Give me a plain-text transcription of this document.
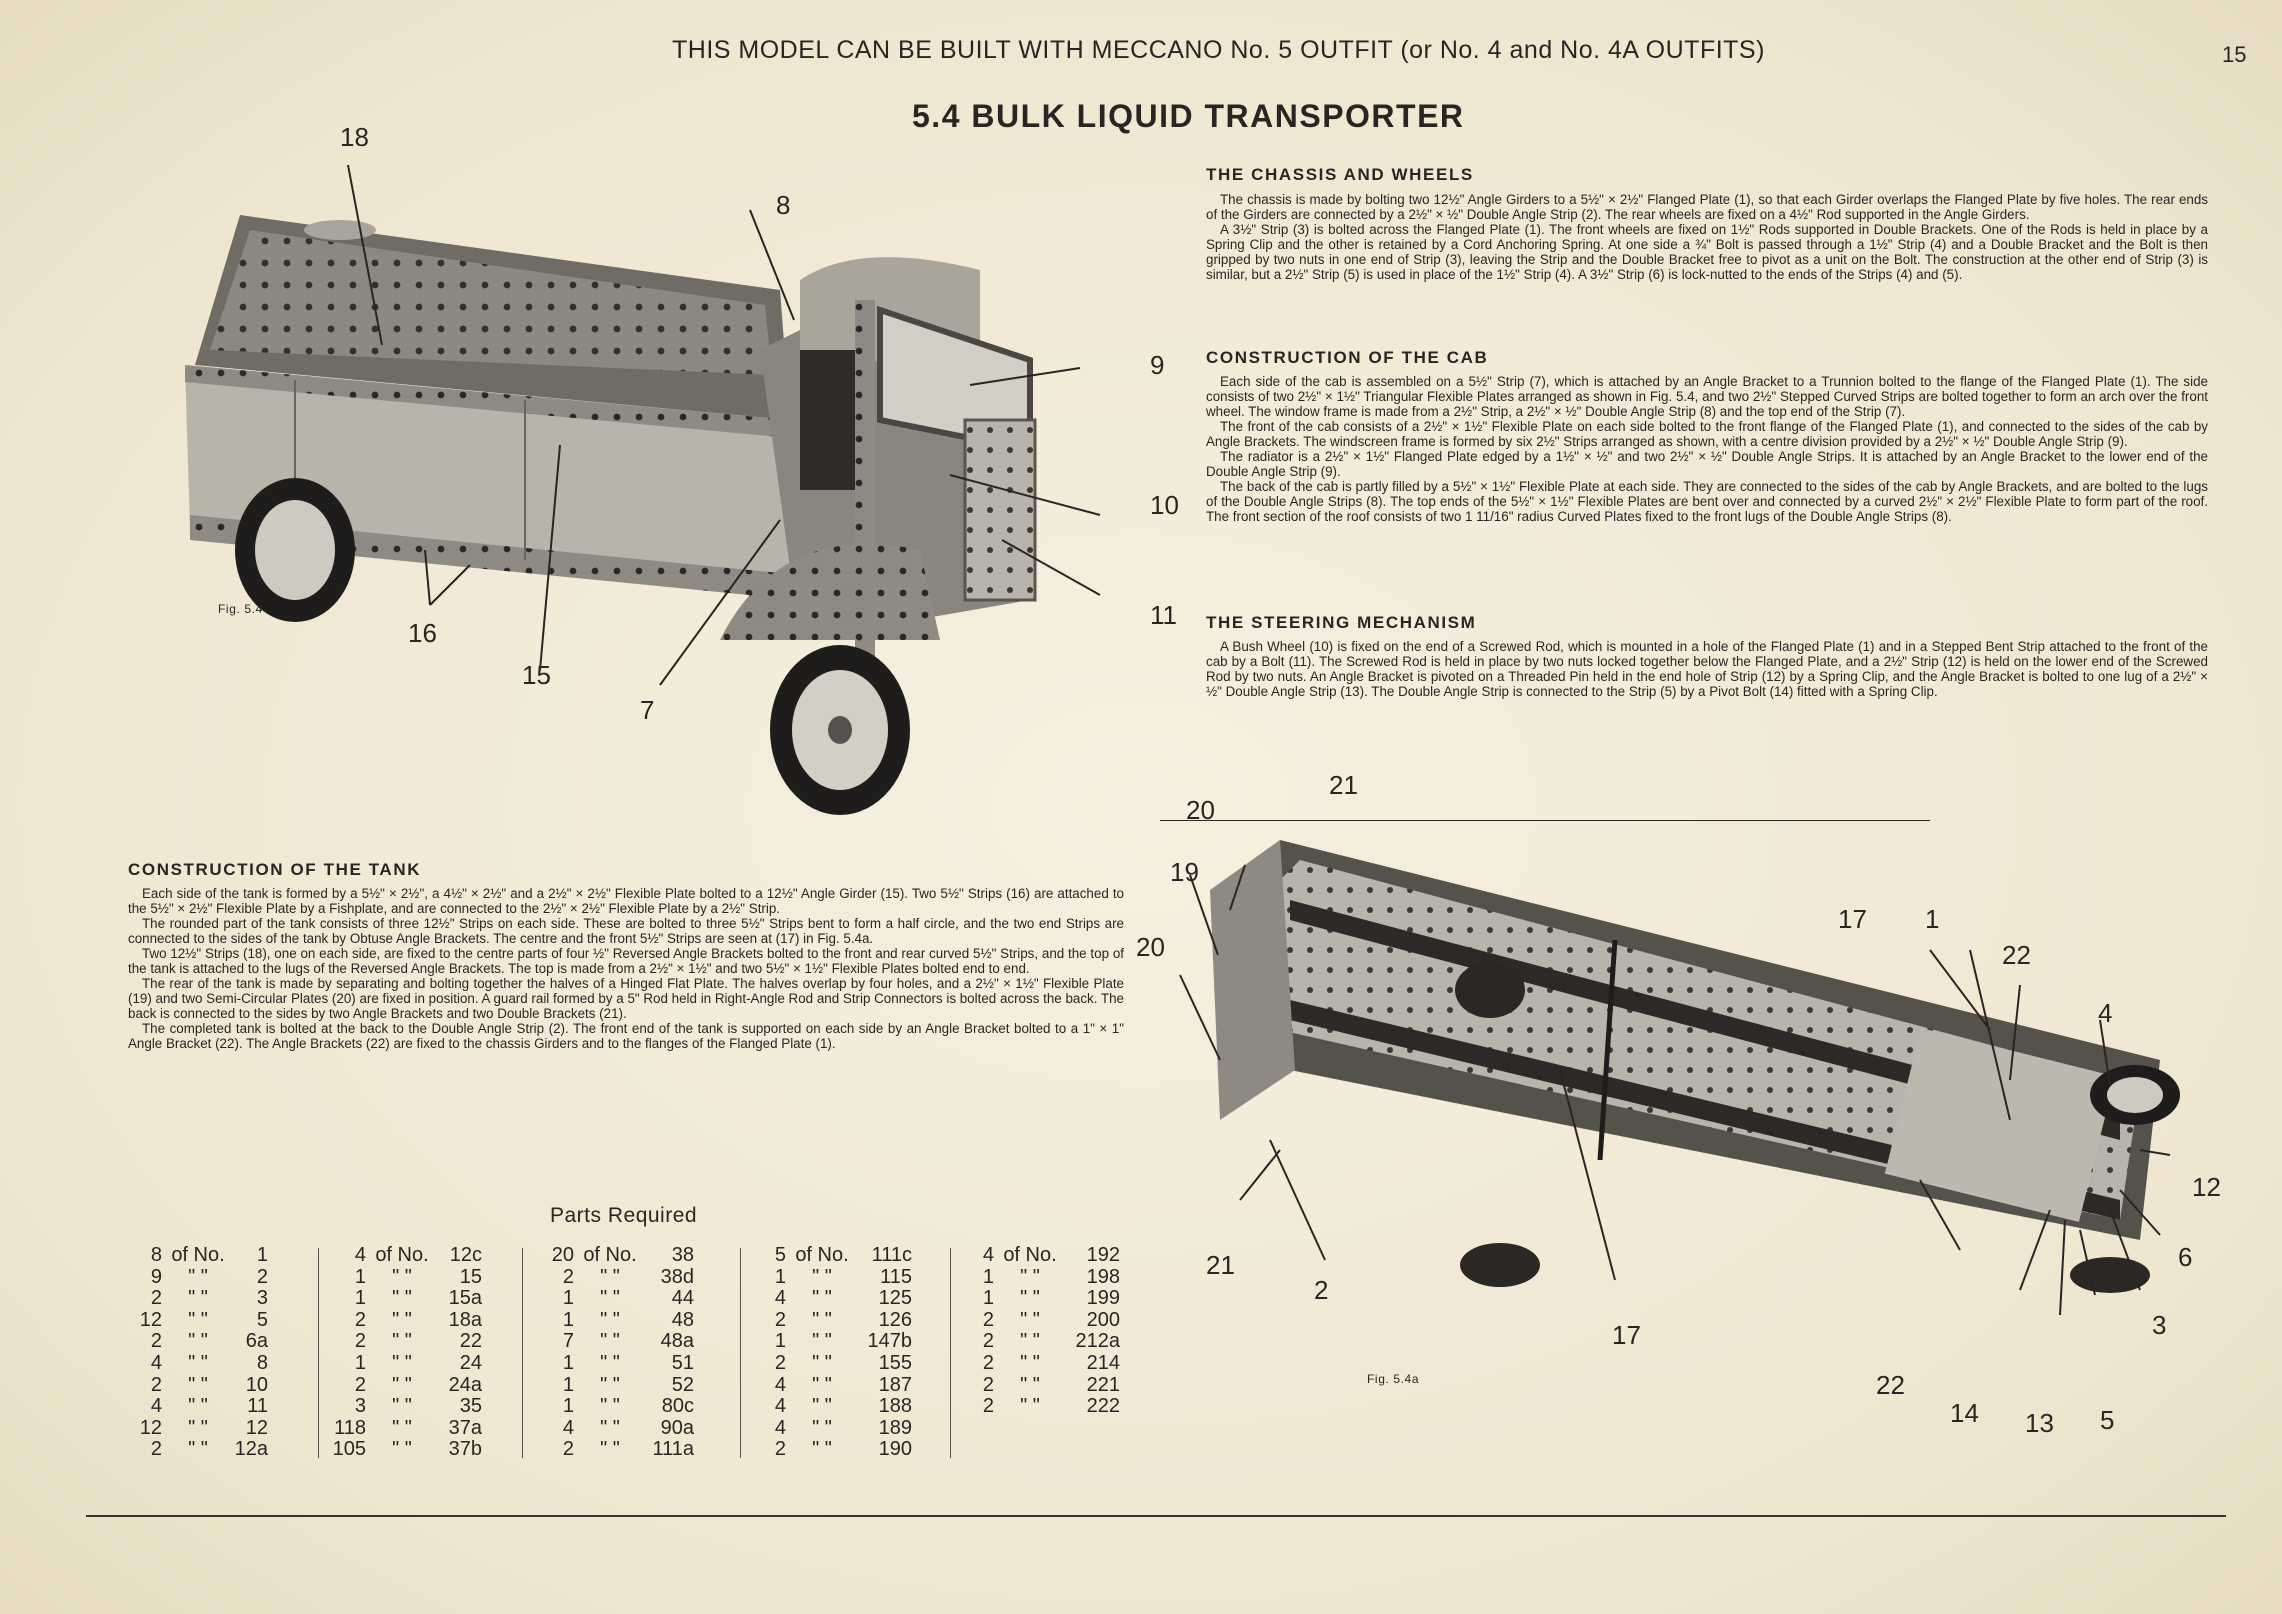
THIS MODEL CAN BE BUILT WITH MECCANO No. 5 OUTFIT (or No. 4 and No. 4A OUTFITS)	15
5.4 BULK LIQUID TRANSPORTER
THE CHASSIS AND WHEELS

The chassis is made by bolting two 12½" Angle Girders to a 5½" × 2½" Flanged Plate (1), so that each Girder overlaps the Flanged Plate by five holes. The rear ends of the Girders are connected by a 2½" × ½" Double Angle Strip (2). The rear wheels are fixed on a 4½" Rod supported in the Angle Girders.

A 3½" Strip (3) is bolted across the Flanged Plate (1). The front wheels are fixed on 1½" Rods supported in Double Brackets. One of the Rods is held in place by a Spring Clip and the other is retained by a Cord Anchoring Spring. At one side a ¾" Bolt is passed through a 1½" Strip (4) and a Double Bracket and the Bolt is then gripped by two nuts in one end of Strip (3), leaving the Strip and the Double Bracket free to pivot as a unit on the Bolt. The construction at the other end of Strip (3) is similar, but a 2½" Strip (5) is used in place of the 1½" Strip (4). A 3½" Strip (6) is lock-nutted to the ends of the Strips (4) and (5).

CONSTRUCTION OF THE CAB

Each side of the cab is assembled on a 5½" Strip (7), which is attached by an Angle Bracket to a Trunnion bolted to the flange of the Flanged Plate (1). The side consists of two 2½" × 1½" Triangular Flexible Plates arranged as shown in Fig. 5.4, and two 2½" Stepped Curved Strips are bolted together to form an arch over the front wheel. The window frame is made from a 2½" Strip, a 2½" × ½" Double Angle Strip (8) and the top end of the Strip (7).

The front of the cab consists of a 2½" × 1½" Flexible Plate on each side bolted to the front flange of the Flanged Plate (1), and connected to the sides of the cab by Angle Brackets. The windscreen frame is formed by six 2½" Strips arranged as shown, with a centre division provided by a 2½" × ½" Double Angle Strip (9).

The radiator is a 2½" × 1½" Flanged Plate edged by a 1½" × ½" and two 2½" × ½" Double Angle Strips. It is attached by an Angle Bracket to the lower end of the Double Angle Strip (9).

The back of the cab is partly filled by a 5½" × 1½" Flexible Plate at each side. They are connected to the sides of the cab by Angle Brackets, and are bolted to the lugs of the Double Angle Strips (8). The top ends of the 5½" × 1½" Flexible Plates are bent over and connected by a curved 2½" × 2½" Flexible Plate to form part of the roof. The front section of the roof consists of two 1 11/16" radius Curved Plates fixed to the front lugs of the Double Angle Strips (8).

THE STEERING MECHANISM

A Bush Wheel (10) is fixed on the end of a Screwed Rod, which is mounted in a hole of the Flanged Plate (1) and in a Stepped Bent Strip attached to the front of the cab by a Bolt (11). The Screwed Rod is held in place by two nuts locked together below the Flanged Plate, and a 2½" Strip (12) is held on the lower end of the Screwed Rod by two nuts. An Angle Bracket is pivoted on a Threaded Pin held in the end hole of Strip (12) by a Spring Clip, and the Angle Bracket is bolted to one lug of a 2½" × ½" Double Angle Strip (13). The Double Angle Strip is connected to the Strip (5) by a Pivot Bolt (14) fitted with a Spring Clip.

CONSTRUCTION OF THE TANK

Each side of the tank is formed by a 5½" × 2½", a 4½" × 2½" and a 2½" × 2½" Flexible Plate bolted to a 12½" Angle Girder (15). Two 5½" Strips (16) are attached to the 5½" × 2½" Flexible Plate by a Fishplate, and are connected to the 2½" × 2½" Flexible Plate by a 2½" Strip.

The rounded part of the tank consists of three 12½" Strips on each side. These are bolted to three 5½" Strips bent to form a half circle, and the two end Strips are connected to the sides of the tank by Obtuse Angle Brackets. The centre and the front 5½" Strips are seen at (17) in Fig. 5.4a.

Two 12½" Strips (18), one on each side, are fixed to the centre parts of four ½" Reversed Angle Brackets bolted to the front and rear curved 5½" Strips, and the top of the tank is attached to the lugs of the Reversed Angle Brackets. The top is made from a 2½" × 1½" and two 5½" × 1½" Flexible Plates bolted end to end.

The rear of the tank is made by separating and bolting together the halves of a Hinged Flat Plate. The halves overlap by four holes, and a 2½" × 1½" Flexible Plate (19) and two Semi-Circular Plates (20) are fixed in position. A guard rail formed by a 5" Rod held in Right-Angle Rod and Strip Connectors is bolted across the back. The back is connected to the sides by two Angle Brackets and two Double Brackets (21).

The completed tank is bolted at the back to the Double Angle Strip (2). The front end of the tank is supported on each side by an Angle Bracket bolted to a 1" × 1" Angle Bracket (22). The Angle Brackets (22) are fixed to the chassis Girders and to the flanges of the Flanged Plate (1).

18
8
9
10
11
16
15
7
Fig. 5.4
21
20
19
20
17 1
22
4
12
6
3
21
2
17
22
14 13 5
Fig. 5.4a
Parts Required
8 of No.	1
9	" "	2
2	" "	3
12	" "	5
2	" "	6a
4	" "	8
2	" "	10
4	" "	11
12	" "	12
2	" "	12a
4 of No.	12c
1	" "	15
1	" "	15a
2	" "	18a
2	" "	22
1	" "	24
2	" "	24a
3	" "	35
118	" "	37a
105	" "	37b
20 of No.	38
2	" "	38d
1	" "	44
1	" "	48
7	" "	48a
1	" "	51
1	" "	52
1	" "	80c
4	" "	90a
2	" "	111a
5 of No.	111c
1	" "	115
4	" "	125
2	" "	126
1	" "	147b
2	" "	155
4	" "	187
4	" "	188
4	" "	189
2	" "	190
4 of No.	192
1	" "	198
1	" "	199
2	" "	200
2	" "	212a
2	" "	214
2	" "	221
2	" "	222
